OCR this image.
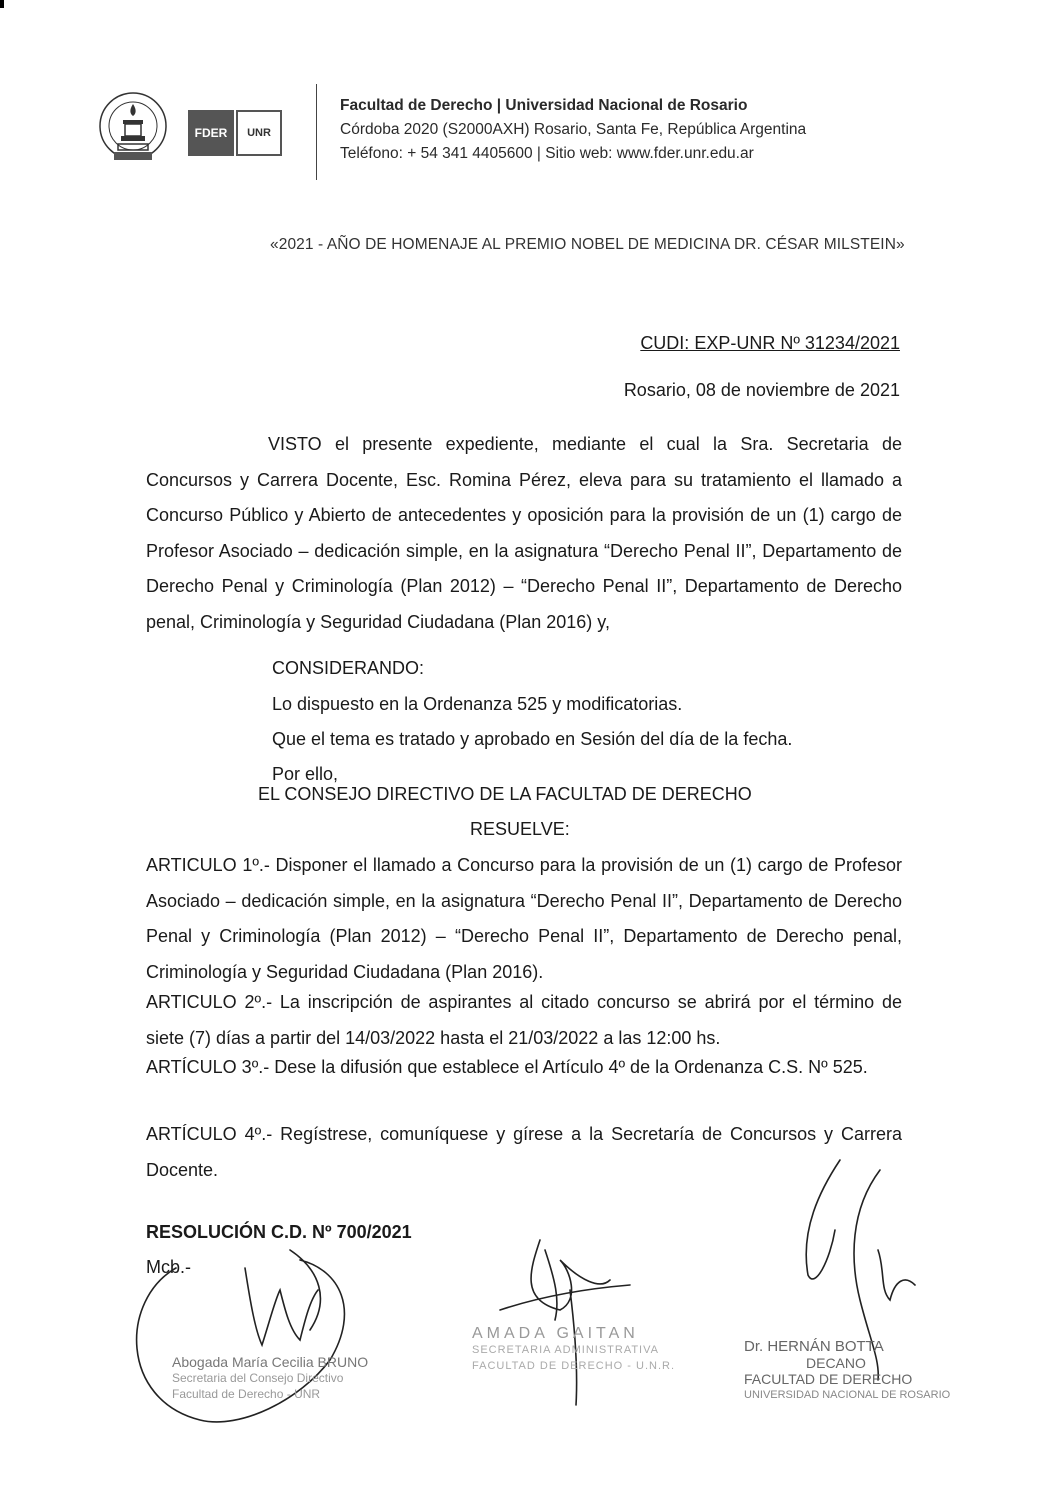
FDER	UNR
Facultad de Derecho | Universidad Nacional de Rosario
Córdoba 2020 (S2000AXH) Rosario, Santa Fe, República Argentina
Teléfono: + 54 341 4405600 | Sitio web: www.fder.unr.edu.ar
«2021 - AÑO DE HOMENAJE AL PREMIO NOBEL DE MEDICINA DR. CÉSAR MILSTEIN»
CUDI: EXP-UNR Nº 31234/2021
Rosario, 08 de noviembre de 2021
VISTO el presente expediente, mediante el cual la Sra. Secretaria de Concursos y Carrera Docente, Esc. Romina Pérez, eleva para su tratamiento el llamado a Concurso Público y Abierto de antecedentes y oposición para la provisión de un (1) cargo de Profesor Asociado – dedicación simple, en la asignatura “Derecho Penal II”, Departamento de Derecho Penal y Criminología (Plan 2012) – “Derecho Penal II”, Departamento de Derecho penal, Criminología y Seguridad Ciudadana (Plan 2016) y,
CONSIDERANDO:
Lo dispuesto en la Ordenanza 525 y modificatorias.
Que el tema es tratado y aprobado en Sesión del día de la fecha.
Por ello,
EL CONSEJO DIRECTIVO DE LA FACULTAD DE DERECHO
RESUELVE:
ARTICULO 1º.- Disponer el llamado a Concurso para la provisión de un (1) cargo de Profesor Asociado – dedicación simple, en la asignatura “Derecho Penal II”, Departamento de Derecho Penal y Criminología (Plan 2012) – “Derecho Penal II”, Departamento de Derecho penal, Criminología y Seguridad Ciudadana (Plan 2016).
ARTICULO 2º.- La inscripción de aspirantes al citado concurso se abrirá por el término de siete (7) días a partir del 14/03/2022 hasta el 21/03/2022 a las 12:00 hs.
ARTÍCULO 3º.- Dese la difusión que establece el Artículo 4º de la Ordenanza C.S. Nº 525.
ARTÍCULO 4º.- Regístrese, comuníquese y gírese a la Secretaría de Concursos y Carrera Docente.
RESOLUCIÓN C.D. Nº 700/2021
Mcb.-
Abogada María Cecilia BRUNO
Secretaria del Consejo Directivo
Facultad de Derecho - UNR
AMADA GAITAN
SECRETARIA ADMINISTRATIVA
FACULTAD DE DERECHO - U.N.R.
Dr. HERNÁN BOTTA
DECANO
FACULTAD DE DERECHO
UNIVERSIDAD NACIONAL DE ROSARIO
